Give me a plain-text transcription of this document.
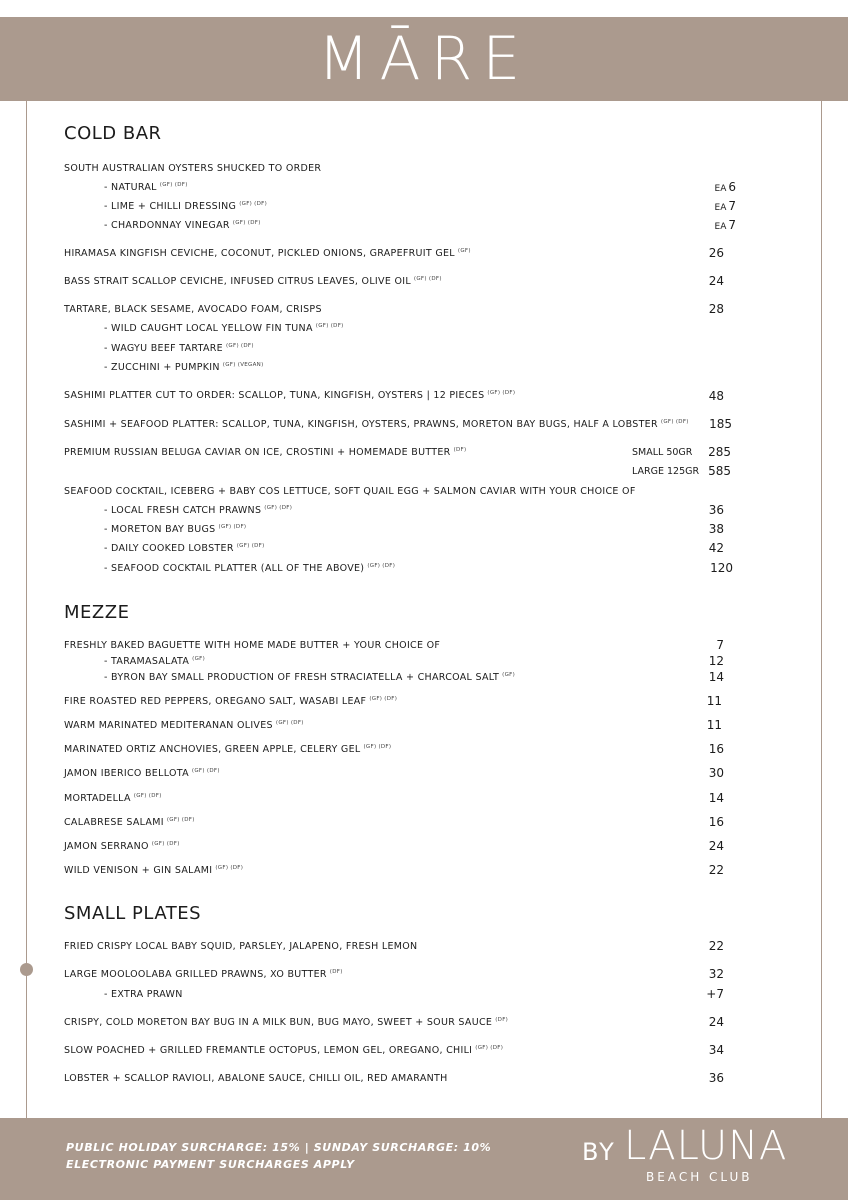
MĀRE
COLD BAR
SOUTH AUSTRALIAN OYSTERS SHUCKED TO ORDER
- NATURAL $^{(GF) (DF)}$	EA 6
- LIME + CHILLI DRESSING $^{(GF) (DF)}$	EA 7
- CHARDONNAY VINEGAR $^{(GF) (DF)}$	EA 7
HIRAMASA KINGFISH CEVICHE, COCONUT, PICKLED ONIONS, GRAPEFRUIT GEL $^{(GF)}$	26
BASS STRAIT SCALLOP CEVICHE, INFUSED CITRUS LEAVES, OLIVE OIL $^{(GF) (DF)}$	24
TARTARE, BLACK SESAME, AVOCADO FOAM, CRISPS	28
- WILD CAUGHT LOCAL YELLOW FIN TUNA $^{(GF) (DF)}$
- WAGYU BEEF TARTARE $^{(GF) (DF)}$
- ZUCCHINI + PUMPKIN $^{(GF) (VEGAN)}$
SASHIMI PLATTER CUT TO ORDER: SCALLOP, TUNA, KINGFISH, OYSTERS | 12 PIECES $^{(GF) (DF)}$	48
SASHIMI + SEAFOOD PLATTER: SCALLOP, TUNA, KINGFISH, OYSTERS, PRAWNS, MORETON BAY BUGS, HALF A LOBSTER $^{(GF) (DF)}$	185
PREMIUM RUSSIAN BELUGA CAVIAR ON ICE, CROSTINI + HOMEMADE BUTTER $^{(DF)}$	SMALL 50GR	285
LARGE 125GR 585
SEAFOOD COCKTAIL, ICEBERG + BABY COS LETTUCE, SOFT QUAIL EGG + SALMON CAVIAR WITH YOUR CHOICE OF
- LOCAL FRESH CATCH PRAWNS $^{(GF) (DF)}$	36
- MORETON BAY BUGS $^{(GF) (DF)}$	38
- DAILY COOKED LOBSTER $^{(GF) (DF)}$	42
- SEAFOOD COCKTAIL PLATTER (ALL OF THE ABOVE) $^{(GF) (DF)}$	120
MEZZE
FRESHLY BAKED BAGUETTE WITH HOME MADE BUTTER + YOUR CHOICE OF	7
- TARAMASALATA $^{(GF)}$	12
- BYRON BAY SMALL PRODUCTION OF FRESH STRACIATELLA + CHARCOAL SALT $^{(GF)}$	14
FIRE ROASTED RED PEPPERS, OREGANO SALT, WASABI LEAF $^{(GF) (DF)}$	11
WARM MARINATED MEDITERANAN OLIVES $^{(GF) (DF)}$	11
MARINATED ORTIZ ANCHOVIES, GREEN APPLE, CELERY GEL $^{(GF) (DF)}$	16
JAMON IBERICO BELLOTA $^{(GF) (DF)}$	30
MORTADELLA $^{(GF) (DF)}$	14
CALABRESE SALAMI $^{(GF) (DF)}$	16
JAMON SERRANO $^{(GF) (DF)}$	24
WILD VENISON + GIN SALAMI $^{(GF) (DF)}$	22
SMALL PLATES
FRIED CRISPY LOCAL BABY SQUID, PARSLEY, JALAPENO, FRESH LEMON	22
LARGE MOOLOOLABA GRILLED PRAWNS, XO BUTTER $^{(DF)}$	32
- EXTRA PRAWN	+7
CRISPY, COLD MORETON BAY BUG IN A MILK BUN, BUG MAYO, SWEET + SOUR SAUCE $^{(DF)}$	24
SLOW POACHED + GRILLED FREMANTLE OCTOPUS, LEMON GEL, OREGANO, CHILI $^{(GF) (DF)}$	34
LOBSTER + SCALLOP RAVIOLI, ABALONE SAUCE, CHILLI OIL, RED AMARANTH	36
PUBLIC HOLIDAY SURCHARGE: 15% | SUNDAY SURCHARGE: 10%
ELECTRONIC PAYMENT SURCHARGES APPLY	BY LALUNA
BEACH CLUB
